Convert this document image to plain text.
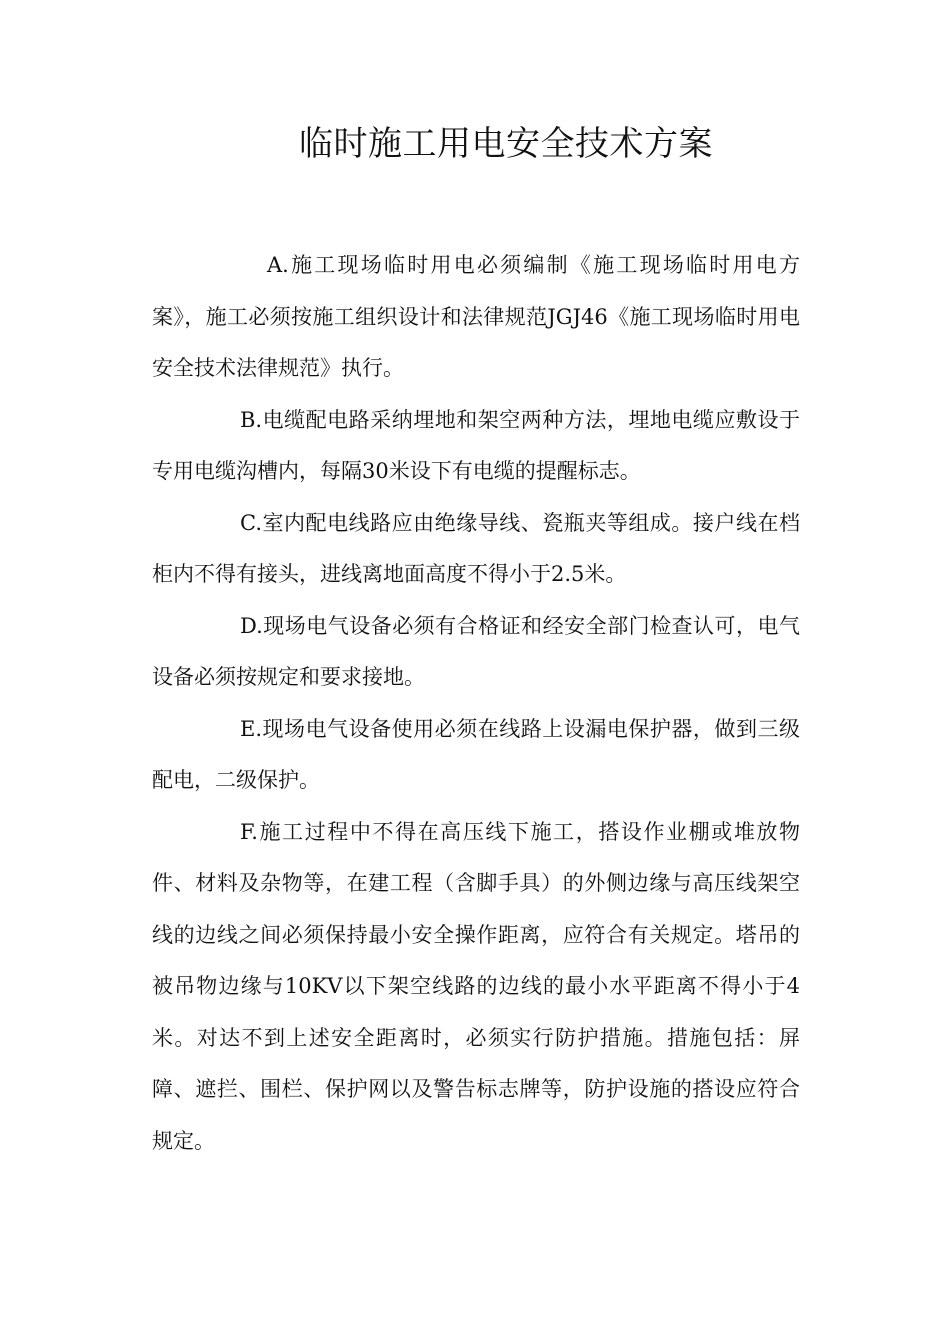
临时施工用电安全技术方案

A.施工现场临时用电必须编制《施工现场临时用电方案》，施工必须按施工组织设计和法律规范JGJ46《施工现场临时用电安全技术法律规范》执行。

B.电缆配电路采纳埋地和架空两种方法，埋地电缆应敷设于专用电缆沟槽内，每隔30米设下有电缆的提醒标志。

C.室内配电线路应由绝缘导线、瓷瓶夹等组成。接户线在档柜内不得有接头，进线离地面高度不得小于2.5米。

D.现场电气设备必须有合格证和经安全部门检查认可，电气设备必须按规定和要求接地。

E.现场电气设备使用必须在线路上设漏电保护器，做到三级配电，二级保护。

F.施工过程中不得在高压线下施工，搭设作业棚或堆放物件、材料及杂物等，在建工程（含脚手具）的外侧边缘与高压线架空线的边线之间必须保持最小安全操作距离，应符合有关规定。塔吊的被吊物边缘与10KV以下架空线路的边线的最小水平距离不得小于4米。对达不到上述安全距离时，必须实行防护措施。措施包括：屏障、遮拦、围栏、保护网以及警告标志牌等，防护设施的搭设应符合规定。
